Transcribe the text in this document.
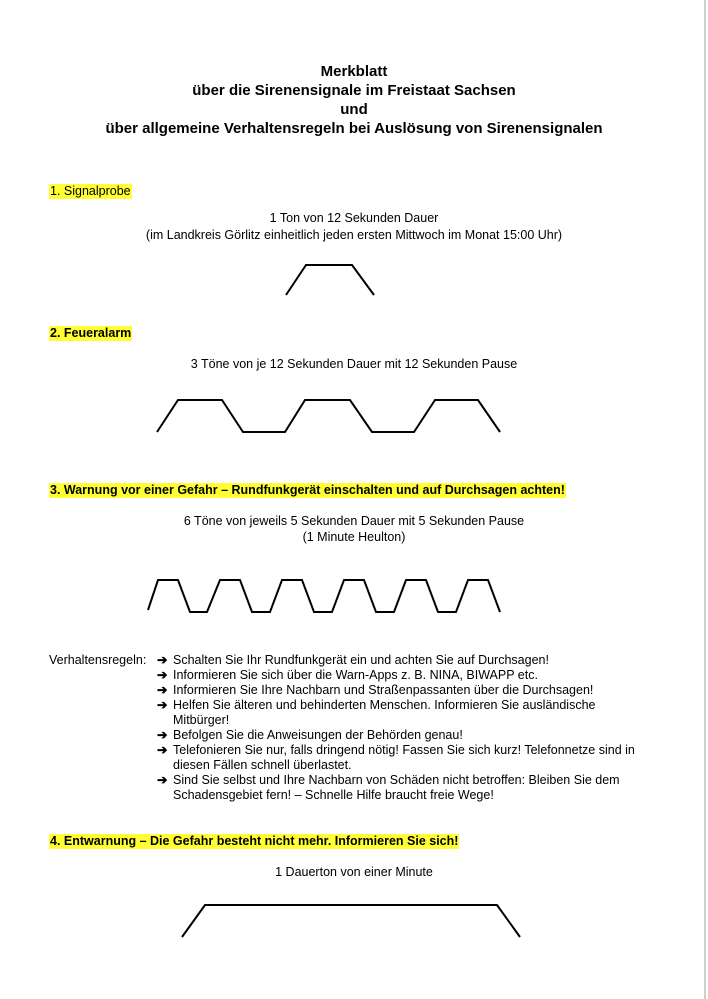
Merkblatt
über die Sirenensignale im Freistaat Sachsen
und
über allgemeine Verhaltensregeln bei Auslösung von Sirenensignalen
1. Signalprobe
1 Ton von 12 Sekunden Dauer
(im Landkreis Görlitz einheitlich jeden ersten Mittwoch im Monat 15:00 Uhr)
2. Feueralarm
3 Töne von je 12 Sekunden Dauer mit 12 Sekunden Pause
3. Warnung vor einer Gefahr – Rundfunkgerät einschalten und auf Durchsagen achten!
6 Töne von jeweils 5 Sekunden Dauer mit 5 Sekunden Pause
(1 Minute Heulton)
Verhaltensregeln: ➔ Schalten Sie Ihr Rundfunkgerät ein und achten Sie auf Durchsagen!
➔ Informieren Sie sich über die Warn-Apps z. B. NINA, BIWAPP etc.
➔ Informieren Sie Ihre Nachbarn und Straßenpassanten über die Durchsagen!
➔ Helfen Sie älteren und behinderten Menschen. Informieren Sie ausländische Mitbürger!
➔ Befolgen Sie die Anweisungen der Behörden genau!
➔ Telefonieren Sie nur, falls dringend nötig! Fassen Sie sich kurz! Telefonnetze sind in diesen Fällen schnell überlastet.
➔ Sind Sie selbst und Ihre Nachbarn von Schäden nicht betroffen: Bleiben Sie dem Schadensgebiet fern! – Schnelle Hilfe braucht freie Wege!
4. Entwarnung – Die Gefahr besteht nicht mehr. Informieren Sie sich!
1 Dauerton von einer Minute
